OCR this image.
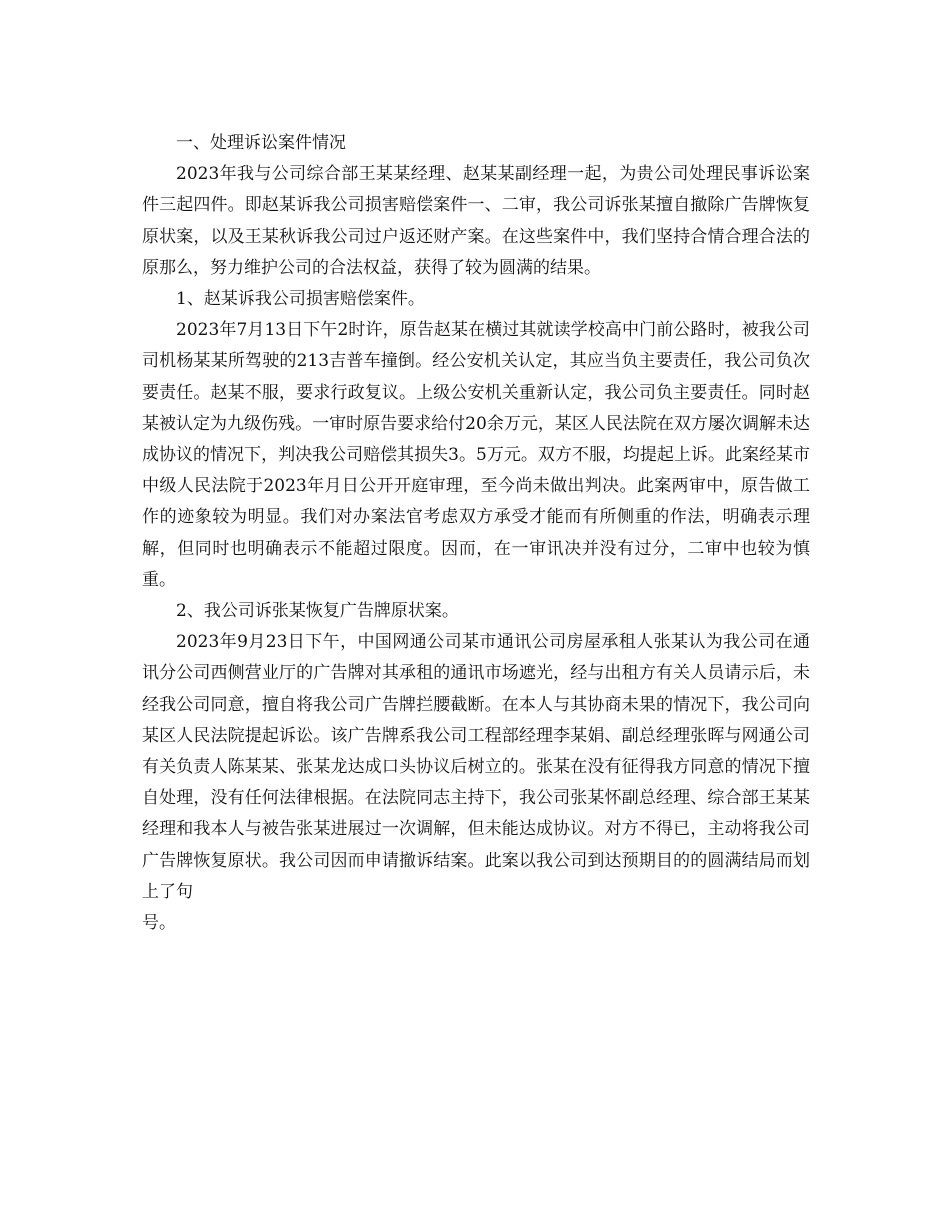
一、处理诉讼案件情况

2023年我与公司综合部王某某经理、赵某某副经理一起，为贵公司处理民事诉讼案件三起四件。即赵某诉我公司损害赔偿案件一、二审，我公司诉张某擅自撤除广告牌恢复原状案，以及王某秋诉我公司过户返还财产案。在这些案件中，我们坚持合情合理合法的原那么，努力维护公司的合法权益，获得了较为圆满的结果。

1、赵某诉我公司损害赔偿案件。

2023年7月13日下午2时许，原告赵某在横过其就读学校高中门前公路时，被我公司司机杨某某所驾驶的213吉普车撞倒。经公安机关认定，其应当负主要责任，我公司负次要责任。赵某不服，要求行政复议。上级公安机关重新认定，我公司负主要责任。同时赵某被认定为九级伤残。一审时原告要求给付20余万元，某区人民法院在双方屡次调解未达成协议的情况下，判决我公司赔偿其损失3。5万元。双方不服，均提起上诉。此案经某市中级人民法院于2023年月日公开开庭审理，至今尚未做出判决。此案两审中，原告做工作的迹象较为明显。我们对办案法官考虑双方承受才能而有所侧重的作法，明确表示理解，但同时也明确表示不能超过限度。因而，在一审讯决并没有过分，二审中也较为慎重。

2、我公司诉张某恢复广告牌原状案。

2023年9月23日下午，中国网通公司某市通讯公司房屋承租人张某认为我公司在通讯分公司西侧营业厅的广告牌对其承租的通讯市场遮光，经与出租方有关人员请示后，未经我公司同意，擅自将我公司广告牌拦腰截断。在本人与其协商未果的情况下，我公司向某区人民法院提起诉讼。该广告牌系我公司工程部经理李某娟、副总经理张晖与网通公司有关负责人陈某某、张某龙达成口头协议后树立的。张某在没有征得我方同意的情况下擅自处理，没有任何法律根据。在法院同志主持下，我公司张某怀副总经理、综合部王某某经理和我本人与被告张某进展过一次调解，但未能达成协议。对方不得已，主动将我公司广告牌恢复原状。我公司因而申请撤诉结案。此案以我公司到达预期目的的圆满结局而划上了句

号。
